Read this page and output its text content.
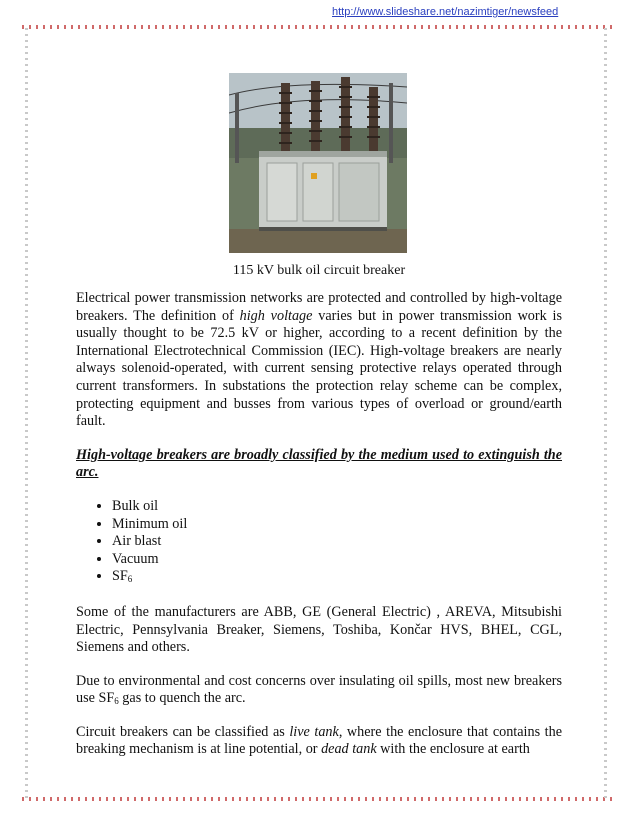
http://www.slideshare.net/nazimtiger/newsfeed
115 kV bulk oil circuit breaker

Electrical power transmission networks are protected and controlled by high-voltage breakers. The definition of high voltage varies but in power transmission work is usually thought to be 72.5 kV or higher, according to a recent definition by the International Electrotechnical Commission (IEC). High-voltage breakers are nearly always solenoid-operated, with current sensing protective relays operated through current transformers. In substations the protection relay scheme can be complex, protecting equipment and busses from various types of overload or ground/earth fault.

High-voltage breakers are broadly classified by the medium used to extinguish the arc.

• Bulk oil
• Minimum oil
• Air blast
• Vacuum
• $SF_6$

Some of the manufacturers are ABB, GE (General Electric) , AREVA, Mitsubishi Electric, Pennsylvania Breaker, Siemens, Toshiba, Končar HVS, BHEL, CGL, Siemens and others.

Due to environmental and cost concerns over insulating oil spills, most new breakers use $SF_6$ gas to quench the arc.

Circuit breakers can be classified as live tank, where the enclosure that contains the breaking mechanism is at line potential, or dead tank with the enclosure at earth
